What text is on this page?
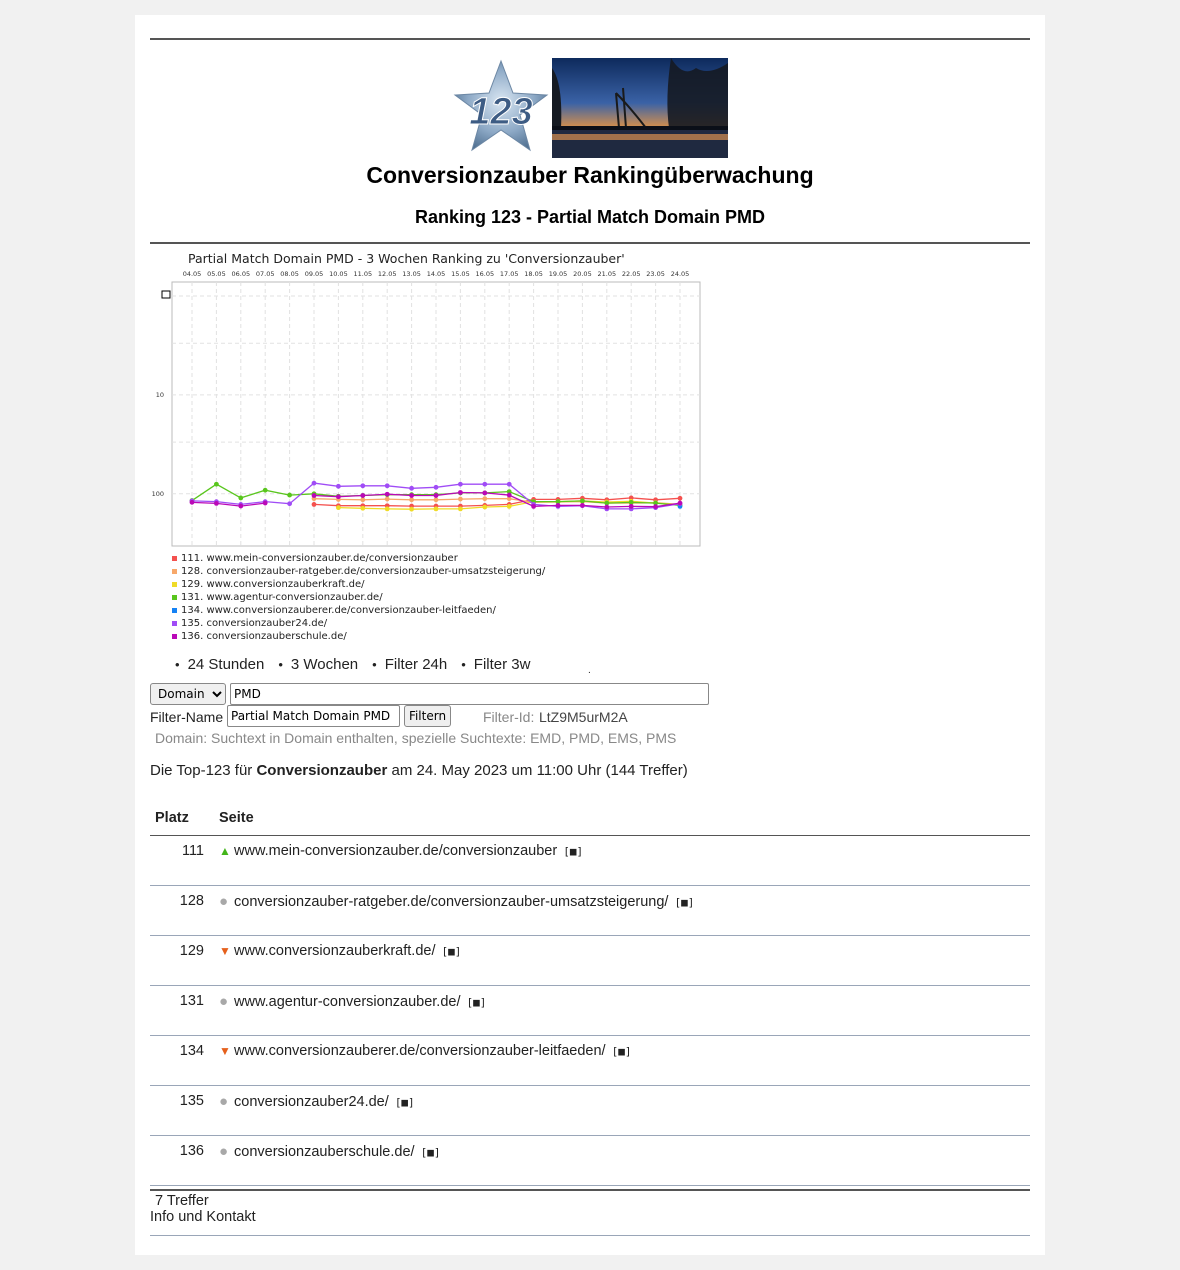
123
Conversionzauber Rankingüberwachung
Ranking 123 - Partial Match Domain PMD
Partial Match Domain PMD - 3 Wochen Ranking zu 'Conversionzauber'
04.05 05.05 06.05 07.05 08.05 09.05 10.05 11.05 12.05 13.05 14.05 15.05 16.05 17.05 18.05 19.05 20.05 21.05 22.05 23.05 24.05
10
100
111. www.mein-conversionzauber.de/conversionzauber
128. conversionzauber-ratgeber.de/conversionzauber-umsatzsteigerung/
129. www.conversionzauberkraft.de/
131. www.agentur-conversionzauber.de/
134. www.conversionzauberer.de/conversionzauber-leitfaeden/
135. conversionzauber24.de/
136. conversionzauberschule.de/
• 24 Stunden	• 3 Wochen	• Filter 24h	• Filter 3w	.
Domain
PMD
Filter-Name
Partial Match Domain PMD	Filtern	Filter-Id: LtZ9M5urM2A
Domain: Suchtext in Domain enthalten, spezielle Suchtexte: EMD, PMD, EMS, PMS
Die Top-123 für Conversionzauber am 24. May 2023 um 11:00 Uhr (144 Treffer)
Platz	Seite
111	▲ www.mein-conversionzauber.de/conversionzauber [■]
128	● conversionzauber-ratgeber.de/conversionzauber-umsatzsteigerung/ [■]
129	▼ www.conversionzauberkraft.de/ [■]
131	● www.agentur-conversionzauber.de/ [■]
134	▼ www.conversionzauberer.de/conversionzauber-leitfaeden/ [■]
135	● conversionzauber24.de/ [■]
136	● conversionzauberschule.de/ [■]
7 Treffer	
Info und Kontakt
